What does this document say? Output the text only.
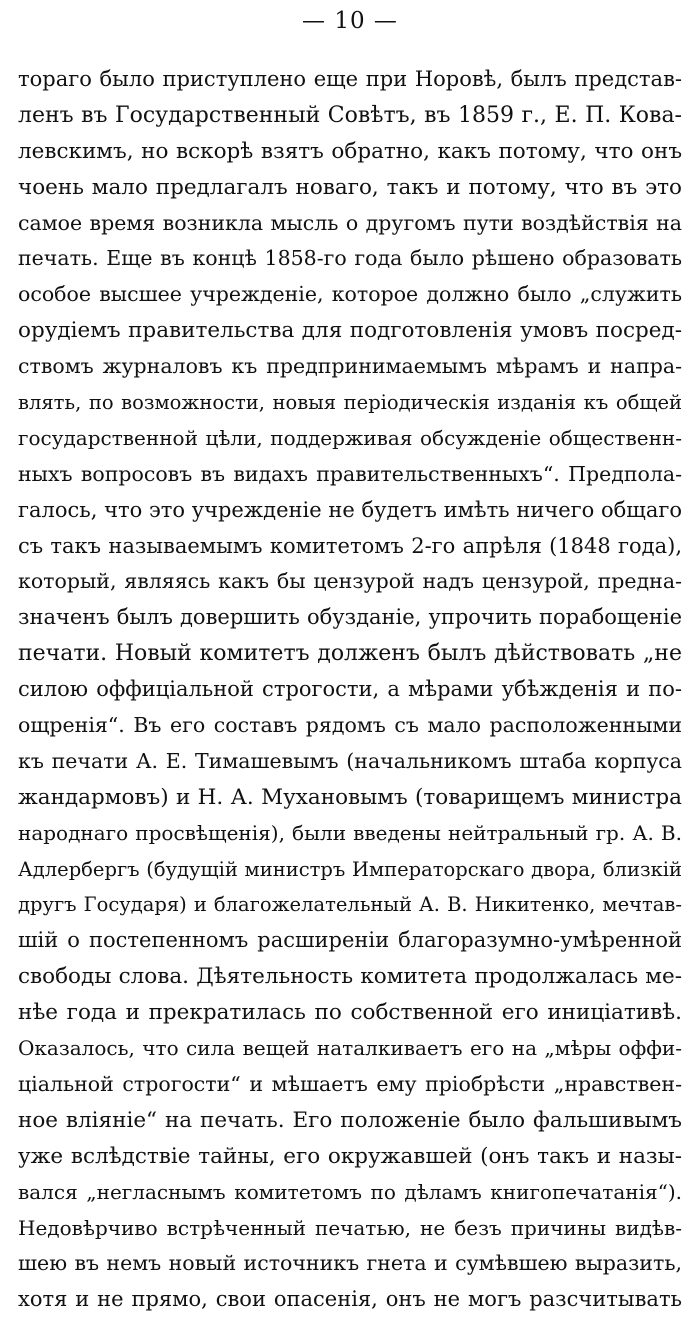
— 10 —
тораго было приступлено еще при Норовѣ, былъ представ-
ленъ въ Государственный Совѣтъ, въ 1859 г., Е. П. Кова-
левскимъ, но вскорѣ взятъ обратно, какъ потому, что онъ
чоень мало предлагалъ новаго, такъ и потому, что въ это
самое время возникла мысль о другомъ пути воздѣйствія на
печать. Еще въ концѣ 1858-го года было рѣшено образовать
особое высшее учрежденіе, которое должно было „служить
орудіемъ правительства для подготовленія умовъ посред-
ствомъ журналовъ къ предпринимаемымъ мѣрамъ и напра-
влять, по возможности, новыя періодическія изданія къ общей
государственной цѣли, поддерживая обсужденіе общественн-
ныхъ вопросовъ въ видахъ правительственныхъ“. Предпола-
галось, что это учрежденіе не будетъ имѣть ничего общаго
съ такъ называемымъ комитетомъ 2-го апрѣля (1848 года),
который, являясь какъ бы цензурой надъ цензурой, предна-
значенъ былъ довершить обузданіе, упрочить порабощеніе
печати. Новый комитетъ долженъ былъ дѣйствовать „не
силою оффиціальной строгости, а мѣрами убѣжденія и по-
ощренія“. Въ его составъ рядомъ съ мало расположенными
къ печати А. Е. Тимашевымъ (начальникомъ штаба корпуса
жандармовъ) и Н. А. Мухановымъ (товарищемъ министра
народнаго просвѣщенія), были введены нейтральный гр. А. В.
Адлербергъ (будущій министръ Императорскаго двора, близкій
другъ Государя) и благожелательный А. В. Никитенко, мечтав-
шій о постепенномъ расширеніи благоразумно-умѣренной
свободы слова. Дѣятельность комитета продолжалась ме-
нѣе года и прекратилась по собственной его иниціативѣ.
Оказалось, что сила вещей наталкиваетъ его на „мѣры оффи-
ціальной строгости“ и мѣшаетъ ему пріобрѣсти „нравствен-
ное вліяніе“ на печать. Его положеніе было фальшивымъ
уже вслѣдствіе тайны, его окружавшей (онъ такъ и назы-
вался „негласнымъ комитетомъ по дѣламъ книгопечатанія“).
Недовѣрчиво встрѣченный печатью, не безъ причины видѣв-
шею въ немъ новый источникъ гнета и сумѣвшею выразить,
хотя и не прямо, свои опасенія, онъ не могъ разсчитывать
